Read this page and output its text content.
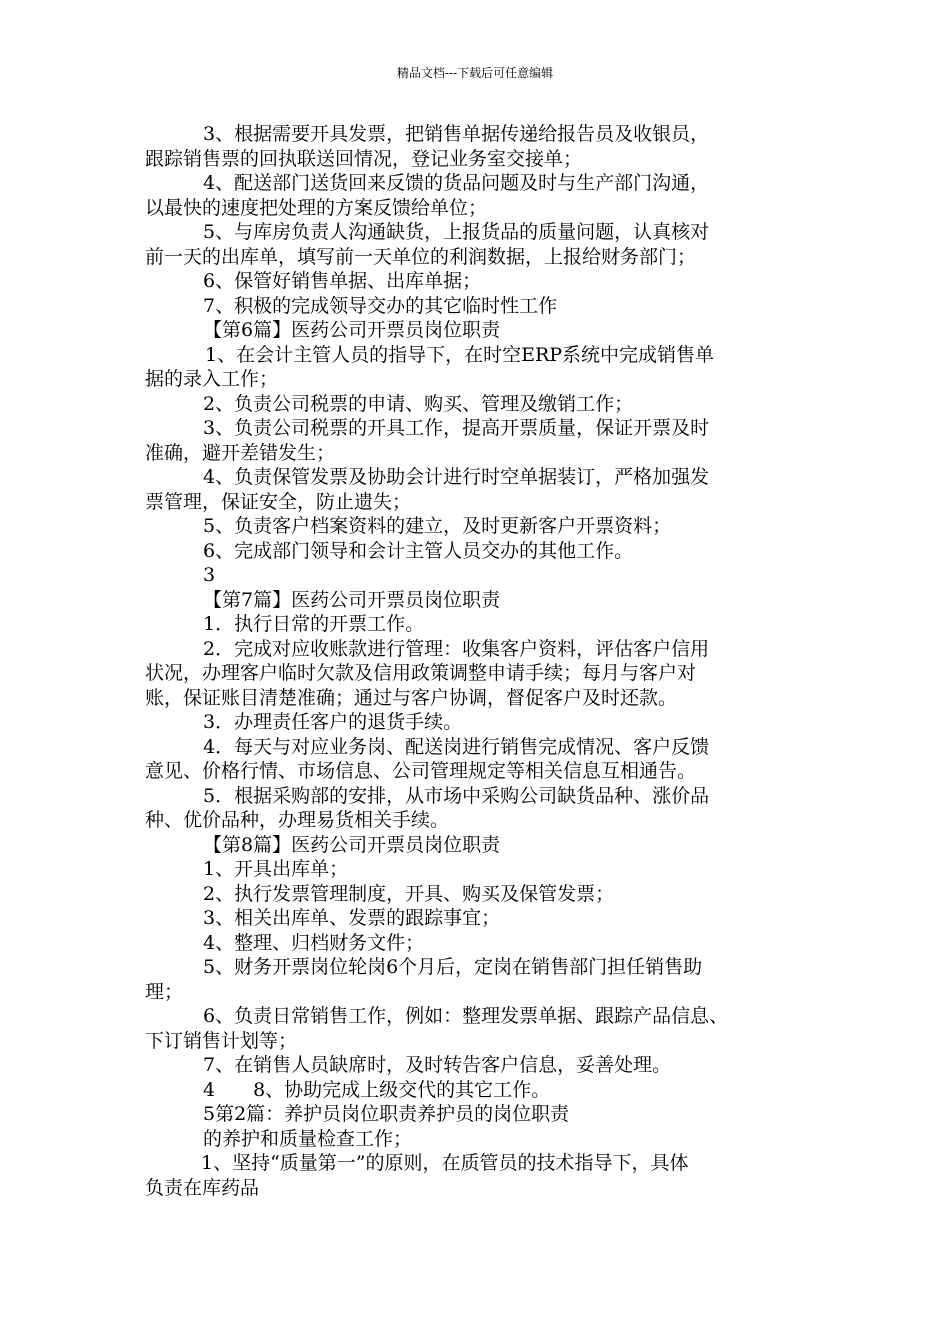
精品文档---下载后可任意编辑
3、根据需要开具发票，把销售单据传递给报告员及收银员，
跟踪销售票的回执联送回情况，登记业务室交接单；
4、配送部门送货回来反馈的货品问题及时与生产部门沟通，
以最快的速度把处理的方案反馈给单位；
5、与库房负责人沟通缺货，上报货品的质量问题，认真核对
前一天的出库单，填写前一天单位的利润数据，上报给财务部门；
6、保管好销售单据、出库单据；
7、积极的完成领导交办的其它临时性工作
【第6篇】医药公司开票员岗位职责
1、在会计主管人员的指导下，在时空ERP系统中完成销售单
据的录入工作；
2、负责公司税票的申请、购买、管理及缴销工作；
3、负责公司税票的开具工作，提高开票质量，保证开票及时
准确，避开差错发生；
4、负责保管发票及协助会计进行时空单据装订，严格加强发
票管理，保证安全，防止遗失；
5、负责客户档案资料的建立，及时更新客户开票资料；
6、完成部门领导和会计主管人员交办的其他工作。
3
【第7篇】医药公司开票员岗位职责
1．执行日常的开票工作。
2．完成对应收账款进行管理：收集客户资料，评估客户信用
状况，办理客户临时欠款及信用政策调整申请手续；每月与客户对
账，保证账目清楚准确；通过与客户协调，督促客户及时还款。
3．办理责任客户的退货手续。
4．每天与对应业务岗、配送岗进行销售完成情况、客户反馈
意见、价格行情、市场信息、公司管理规定等相关信息互相通告。
5．根据采购部的安排，从市场中采购公司缺货品种、涨价品
种、优价品种，办理易货相关手续。
【第8篇】医药公司开票员岗位职责
1、开具出库单；
2、执行发票管理制度，开具、购买及保管发票；
3、相关出库单、发票的跟踪事宜；
4、整理、归档财务文件；
5、财务开票岗位轮岗6个月后，定岗在销售部门担任销售助
理；
6、负责日常销售工作，例如：整理发票单据、跟踪产品信息、
下订销售计划等；
7、在销售人员缺席时，及时转告客户信息，妥善处理。
4　　8、协助完成上级交代的其它工作。
5第2篇：养护员岗位职责养护员的岗位职责
的养护和质量检查工作；
1、坚持“质量第一”的原则，在质管员的技术指导下，具体
负责在库药品
